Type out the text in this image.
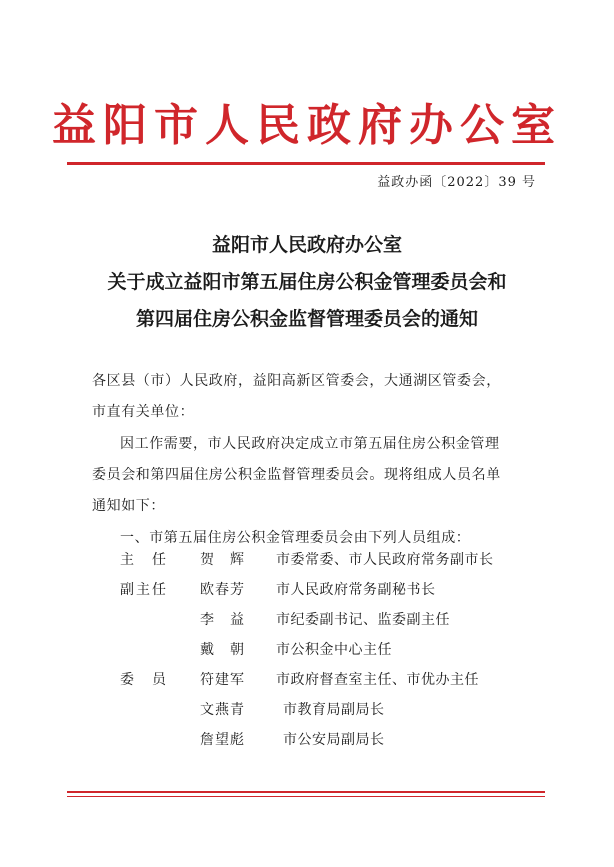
益阳市人民政府办公室
益政办函〔2022〕39 号
益阳市人民政府办公室
关于成立益阳市第五届住房公积金管理委员会和
第四届住房公积金监督管理委员会的通知
各区县（市）人民政府，益阳高新区管委会，大通湖区管委会，
市直有关单位：
因工作需要，市人民政府决定成立市第五届住房公积金管理
委员会和第四届住房公积金监督管理委员会。现将组成人员名单
通知如下：
一、市第五届住房公积金管理委员会由下列人员组成：
主　任 贺　辉 市委常委、市人民政府常务副市长
副主任 欧春芳 市人民政府常务副秘书长
李　益 市纪委副书记、监委副主任
戴　朝 市公积金中心主任
委　员 符建军 市政府督查室主任、市优办主任
文燕青	市教育局副局长
詹望彪	市公安局副局长
